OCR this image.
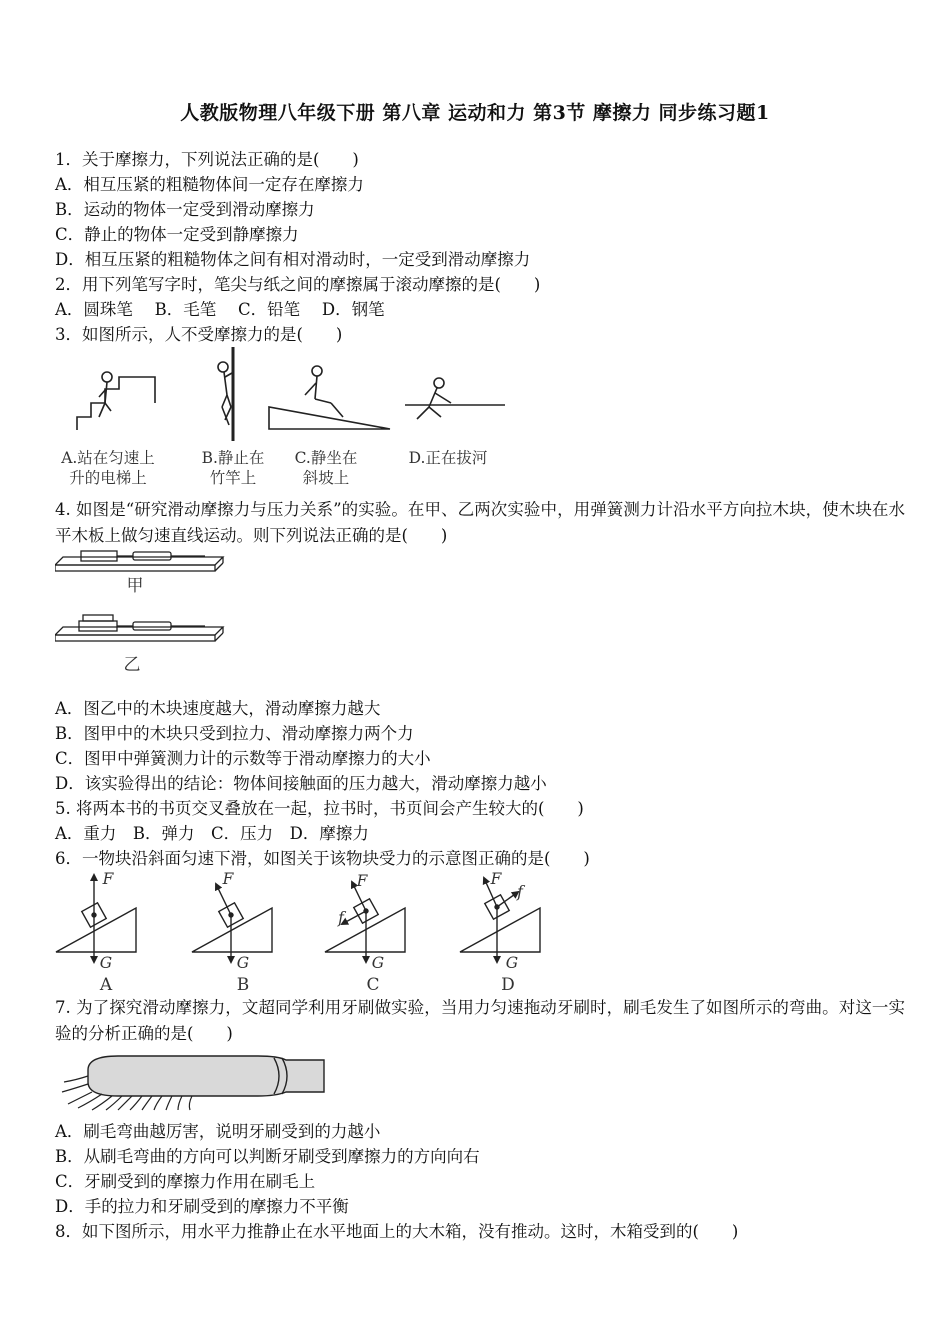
人教版物理八年级下册 第八章 运动和力 第3节 摩擦力 同步练习题1
1．关于摩擦力，下列说法正确的是(　　)
A．相互压紧的粗糙物体间一定存在摩擦力
B．运动的物体一定受到滑动摩擦力
C．静止的物体一定受到静摩擦力
D．相互压紧的粗糙物体之间有相对滑动时，一定受到滑动摩擦力
2．用下列笔写字时，笔尖与纸之间的摩擦属于滚动摩擦的是(　　)
A．圆珠笔　 B．毛笔　 C．铅笔　 D．钢笔
3．如图所示，人不受摩擦力的是(　　)
A.站在匀速上
升的电梯上
B.静止在
竹竿上
C.静坐在
斜坡上
D.正在拔河
4. 如图是“研究滑动摩擦力与压力关系”的实验。在甲、乙两次实验中，用弹簧测力计沿水平方向拉木块，使木块在水平木板上做匀速直线运动。则下列说法正确的是(　　)
甲
乙
A．图乙中的木块速度越大，滑动摩擦力越大
B．图甲中的木块只受到拉力、滑动摩擦力两个力
C．图甲中弹簧测力计的示数等于滑动摩擦力的大小
D．该实验得出的结论：物体间接触面的压力越大，滑动摩擦力越小
5. 将两本书的书页交叉叠放在一起，拉书时，书页间会产生较大的(　　)
A．重力　B．弹力　C．压力　D．摩擦力
6．一物块沿斜面匀速下滑，如图关于该物块受力的示意图正确的是(　　)
F
G
A
F
G
B
F
f
G
C
F
f
G
D
7. 为了探究滑动摩擦力，文超同学利用牙刷做实验，当用力匀速拖动牙刷时，刷毛发生了如图所示的弯曲。对这一实验的分析正确的是(　　)
A．刷毛弯曲越厉害，说明牙刷受到的力越小
B．从刷毛弯曲的方向可以判断牙刷受到摩擦力的方向向右
C．牙刷受到的摩擦力作用在刷毛上
D．手的拉力和牙刷受到的摩擦力不平衡
8．如下图所示，用水平力推静止在水平地面上的大木箱，没有推动。这时，木箱受到的(　　)
